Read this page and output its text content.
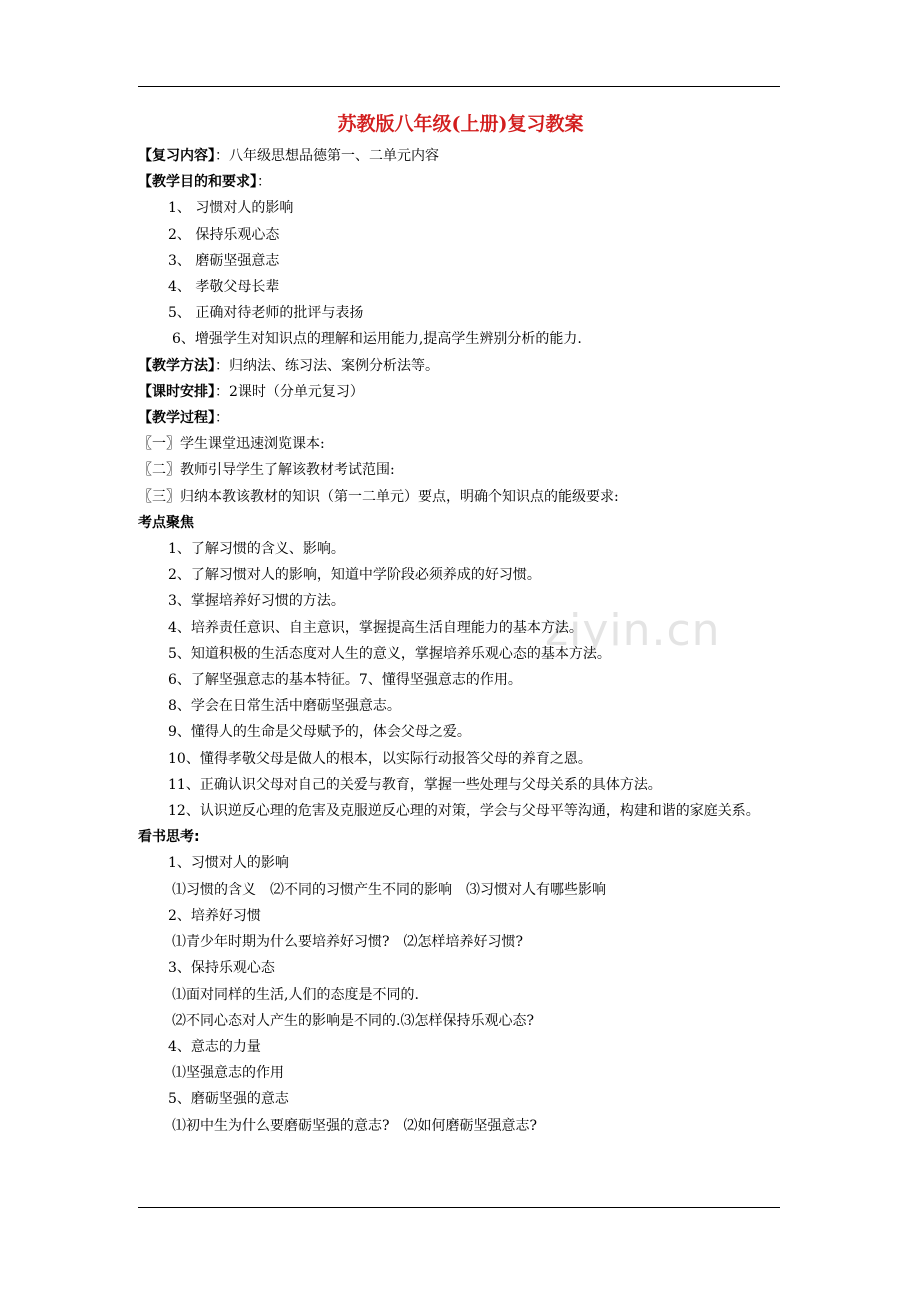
ziyin.cn
苏教版八年级(上册)复习教案
【复习内容】：八年级思想品德第一、二单元内容
【教学目的和要求】：
1、 习惯对人的影响
2、 保持乐观心态
3、 磨砺坚强意志
4、 孝敬父母长辈
5、 正确对待老师的批评与表扬
6、增强学生对知识点的理解和运用能力,提高学生辨别分析的能力.
【教学方法】：归纳法、练习法、案例分析法等。
【课时安排】：2课时（分单元复习）
【教学过程】：
〖一〗学生课堂迅速浏览课本:
〖二〗教师引导学生了解该教材考试范围:
〖三〗归纳本教该教材的知识（第一二单元）要点，明确个知识点的能级要求:
考点聚焦
1、了解习惯的含义、影响。
2、了解习惯对人的影响，知道中学阶段必须养成的好习惯。
3、掌握培养好习惯的方法。
4、培养责任意识、自主意识，掌握提高生活自理能力的基本方法。
5、知道积极的生活态度对人生的意义，掌握培养乐观心态的基本方法。
6、了解坚强意志的基本特征。7、懂得坚强意志的作用。
8、学会在日常生活中磨砺坚强意志。
9、懂得人的生命是父母赋予的，体会父母之爱。
10、懂得孝敬父母是做人的根本，以实际行动报答父母的养育之恩。
11、正确认识父母对自己的关爱与教育，掌握一些处理与父母关系的具体方法。
12、认识逆反心理的危害及克服逆反心理的对策，学会与父母平等沟通，构建和谐的家庭关系。
看书思考:
1、习惯对人的影响
⑴习惯的含义 ⑵不同的习惯产生不同的影响 ⑶习惯对人有哪些影响
2、培养好习惯
⑴青少年时期为什么要培养好习惯? ⑵怎样培养好习惯?
3、保持乐观心态
⑴面对同样的生活,人们的态度是不同的.
⑵不同心态对人产生的影响是不同的.⑶怎样保持乐观心态?
4、意志的力量
⑴坚强意志的作用
5、磨砺坚强的意志
⑴初中生为什么要磨砺坚强的意志? ⑵如何磨砺坚强意志?
